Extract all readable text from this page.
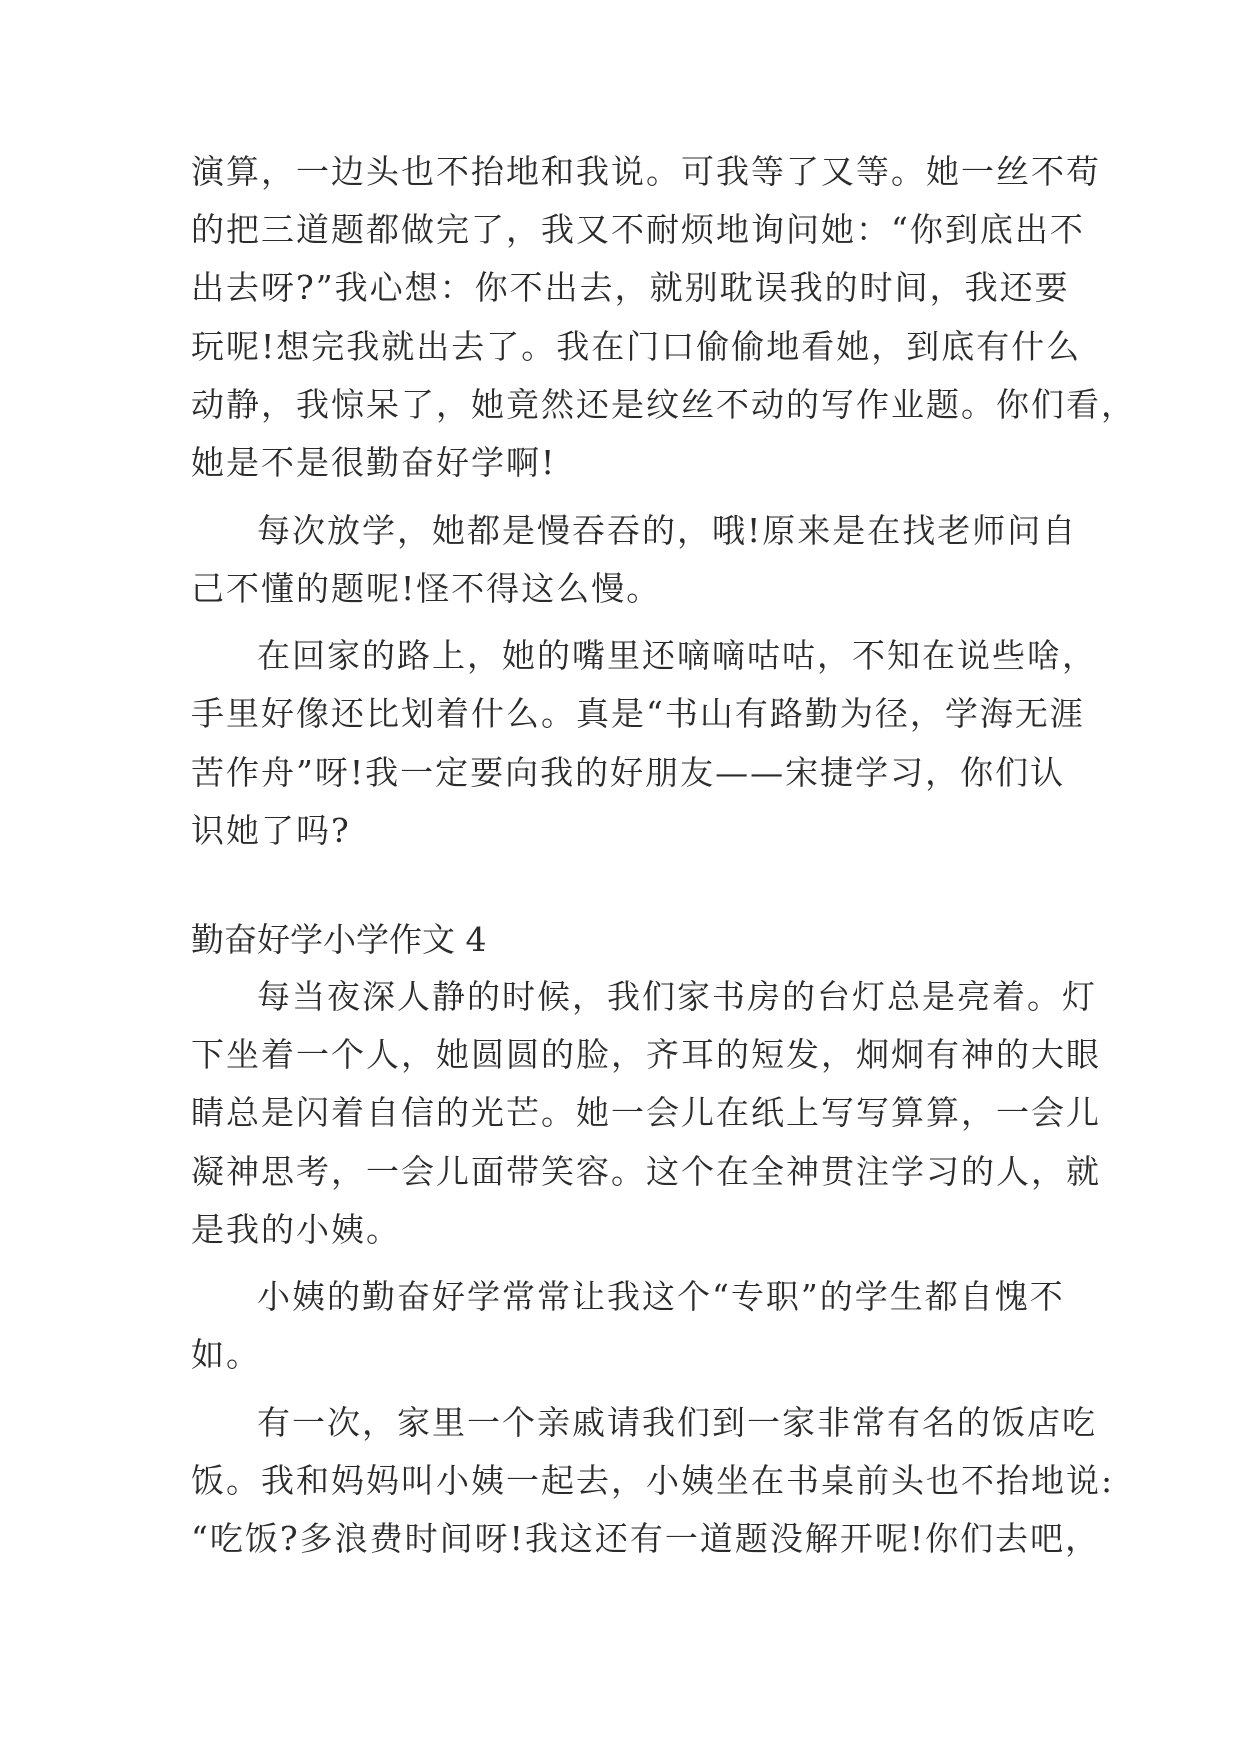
演算，一边头也不抬地和我说。可我等了又等。她一丝不苟
的把三道题都做完了，我又不耐烦地询问她：“你到底出不
出去呀?”我心想：你不出去，就别耽误我的时间，我还要
玩呢!想完我就出去了。我在门口偷偷地看她，到底有什么
动静，我惊呆了，她竟然还是纹丝不动的写作业题。你们看，
她是不是很勤奋好学啊!
每次放学，她都是慢吞吞的，哦!原来是在找老师问自
己不懂的题呢!怪不得这么慢。
在回家的路上，她的嘴里还嘀嘀咕咕，不知在说些啥，
手里好像还比划着什么。真是“书山有路勤为径，学海无涯
苦作舟”呀!我一定要向我的好朋友——宋捷学习，你们认
识她了吗?
勤奋好学小学作文 4
每当夜深人静的时候，我们家书房的台灯总是亮着。灯
下坐着一个人，她圆圆的脸，齐耳的短发，炯炯有神的大眼
睛总是闪着自信的光芒。她一会儿在纸上写写算算，一会儿
凝神思考，一会儿面带笑容。这个在全神贯注学习的人，就
是我的小姨。
小姨的勤奋好学常常让我这个“专职”的学生都自愧不
如。
有一次，家里一个亲戚请我们到一家非常有名的饭店吃
饭。我和妈妈叫小姨一起去，小姨坐在书桌前头也不抬地说:
“吃饭?多浪费时间呀!我这还有一道题没解开呢!你们去吧，
